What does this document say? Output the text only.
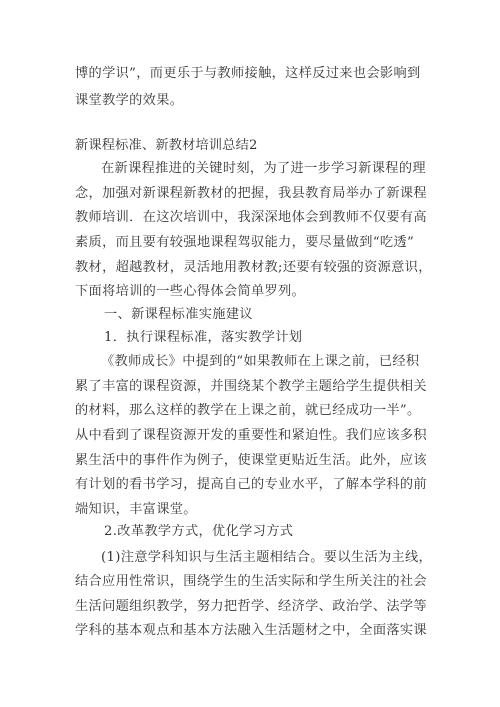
博的学识”，而更乐于与教师接触，这样反过来也会影响到
课堂教学的效果。
新课程标准、新教材培训总结2
在新课程推进的关键时刻，为了进一步学习新课程的理
念，加强对新课程新教材的把握，我县教育局举办了新课程
教师培训．在这次培训中，我深深地体会到教师不仅要有高
素质，而且要有较强地课程驾驭能力，要尽量做到“吃透”
教材，超越教材，灵活地用教材教;还要有较强的资源意识，
下面将培训的一些心得体会简单罗列。
一、新课程标准实施建议
1．执行课程标准，落实教学计划
《教师成长》中提到的“如果教师在上课之前，已经积
累了丰富的课程资源，并围绕某个教学主题给学生提供相关
的材料，那么这样的教学在上课之前，就已经成功一半”。
从中看到了课程资源开发的重要性和紧迫性。我们应该多积
累生活中的事件作为例子，使课堂更贴近生活。此外，应该
有计划的看书学习，提高自己的专业水平，了解本学科的前
端知识，丰富课堂。
2.改革教学方式，优化学习方式
(1)注意学科知识与生活主题相结合。要以生活为主线，
结合应用性常识，围绕学生的生活实际和学生所关注的社会
生活问题组织教学，努力把哲学、经济学、政治学、法学等
学科的基本观点和基本方法融入生活题材之中，全面落实课
